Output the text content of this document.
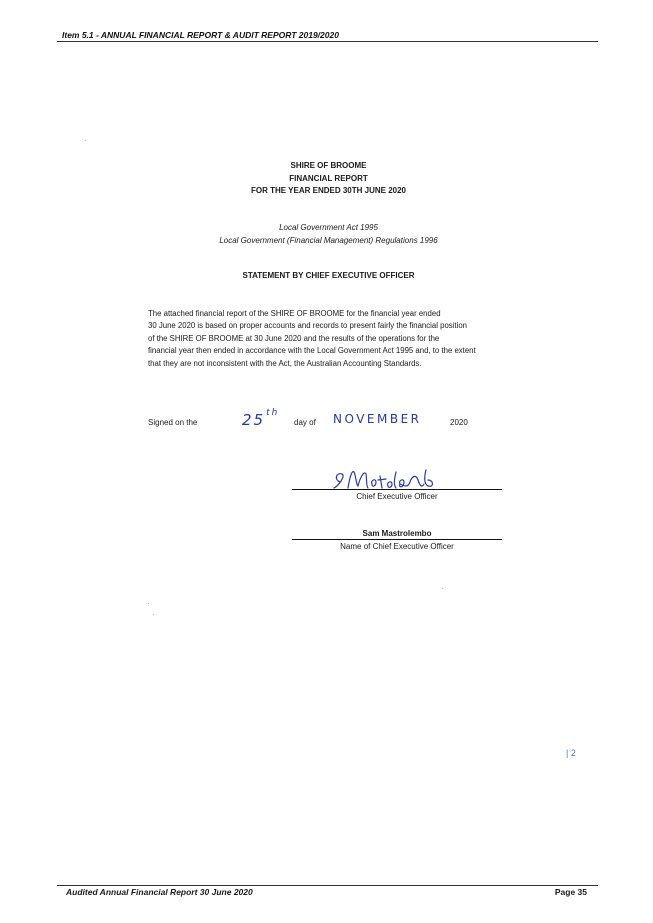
Item 5.1 - ANNUAL FINANCIAL REPORT & AUDIT REPORT 2019/2020
SHIRE OF BROOME
FINANCIAL REPORT
FOR THE YEAR ENDED 30TH JUNE 2020
Local Government Act 1995
Local Government (Financial Management) Regulations 1996
STATEMENT BY CHIEF EXECUTIVE OFFICER
The attached financial report of the SHIRE OF BROOME for the financial year ended
30 June 2020 is based on proper accounts and records to present fairly the financial position
of the SHIRE OF BROOME at 30 June 2020 and the results of the operations for the
financial year then ended in accordance with the Local Government Act 1995 and, to the extent
that they are not inconsistent with the Act, the Australian Accounting Standards.
Signed on the	25th
day of NOVEMBER	2020
Chief Executive Officer
Sam Mastrolembo
Name of Chief Executive Officer
| 2
Audited Annual Financial Report 30 June 2020	Page 35
